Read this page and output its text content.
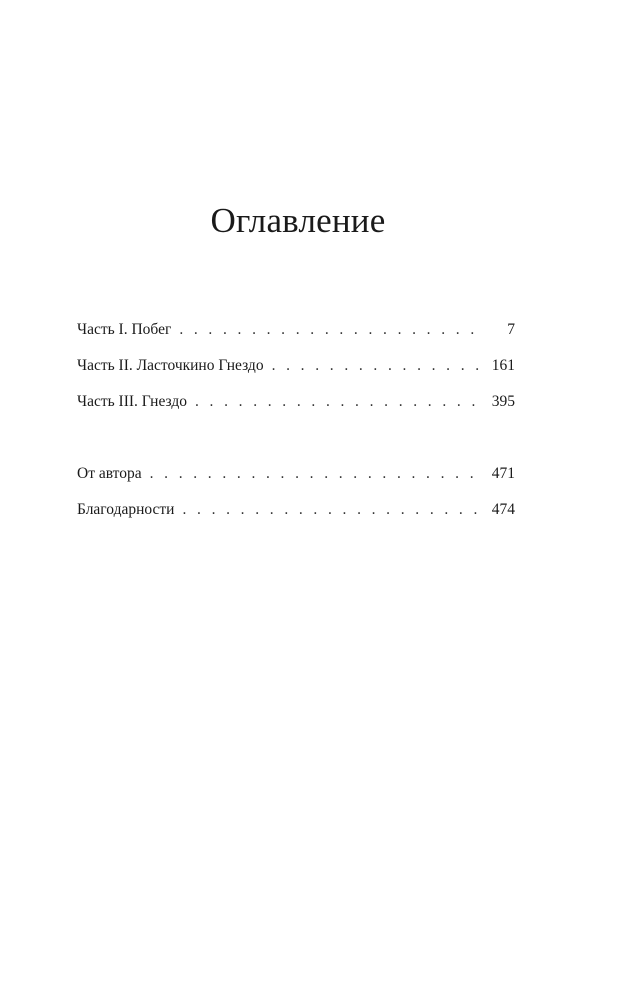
Оглавление
Часть I. Побег . . .	7
Часть II. Ласточкино Гнездо . . .	161
Часть III. Гнездо . . .	395
От автора . . .	471
Благодарности . . .	474
